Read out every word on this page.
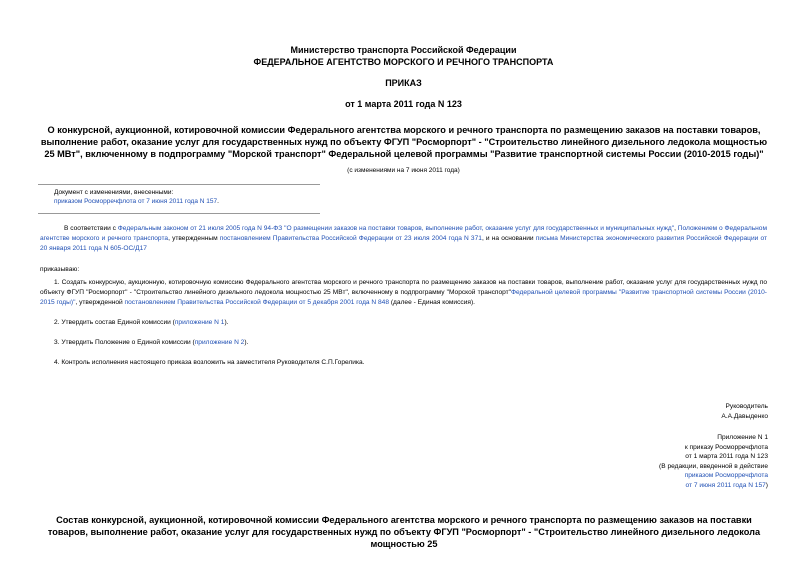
Министерство транспорта Российской Федерации
ФЕДЕРАЛЬНОЕ АГЕНТСТВО МОРСКОГО И РЕЧНОГО ТРАНСПОРТА
ПРИКАЗ
от 1 марта 2011 года N 123
О конкурсной, аукционной, котировочной комиссии Федерального агентства морского и речного транспорта по размещению заказов на поставки товаров, выполнение работ, оказание услуг для государственных нужд по объекту ФГУП "Росморпорт" - "Строительство линейного дизельного ледокола мощностью 25 МВт", включенному в подпрограмму "Морской транспорт" Федеральной целевой программы "Развитие транспортной системы России (2010-2015 годы)"
(с изменениями на 7 июня 2011 года)
Документ с изменениями, внесенными:
приказом Росморречфлота от 7 июня 2011 года N 157.
В соответствии с Федеральным законом от 21 июля 2005 года N 94-ФЗ "О размещении заказов на поставки товаров, выполнение работ, оказание услуг для государственных и муниципальных нужд", Положением о Федеральном агентстве морского и речного транспорта, утвержденным постановлением Правительства Российской Федерации от 23 июля 2004 года N 371, и на основании письма Министерства экономического развития Российской Федерации от 20 января 2011 года N 605-ОС/Д17
приказываю:
1. Создать конкурсную, аукционную, котировочную комиссию Федерального агентства морского и речного транспорта по размещению заказов на поставки товаров, выполнение работ, оказание услуг для государственных нужд по объекту ФГУП "Росморпорт" - "Строительство линейного дизельного ледокола мощностью 25 МВт", включенному в подпрограмму "Морской транспорт"Федеральной целевой программы "Развитие транспортной системы России (2010-2015 годы)", утвержденной постановлением Правительства Российской Федерации от 5 декабря 2001 года N 848 (далее - Единая комиссия).
2. Утвердить состав Единой комиссии (приложение N 1).
3. Утвердить Положение о Единой комиссии (приложение N 2).
4. Контроль исполнения настоящего приказа возложить на заместителя Руководителя С.П.Горелика.
Руководитель
А.А.Давыденко
Приложение N 1
к приказу Росморречфлота
от 1 марта 2011 года N 123
(В редакции, введенной в действие
приказом Росморречфлота
от 7 июня 2011 года N 157)
Состав конкурсной, аукционной, котировочной комиссии Федерального агентства морского и речного транспорта по размещению заказов на поставки товаров, выполнение работ, оказание услуг для государственных нужд по объекту ФГУП "Росморпорт" - "Строительство линейного дизельного ледокола мощностью 25
